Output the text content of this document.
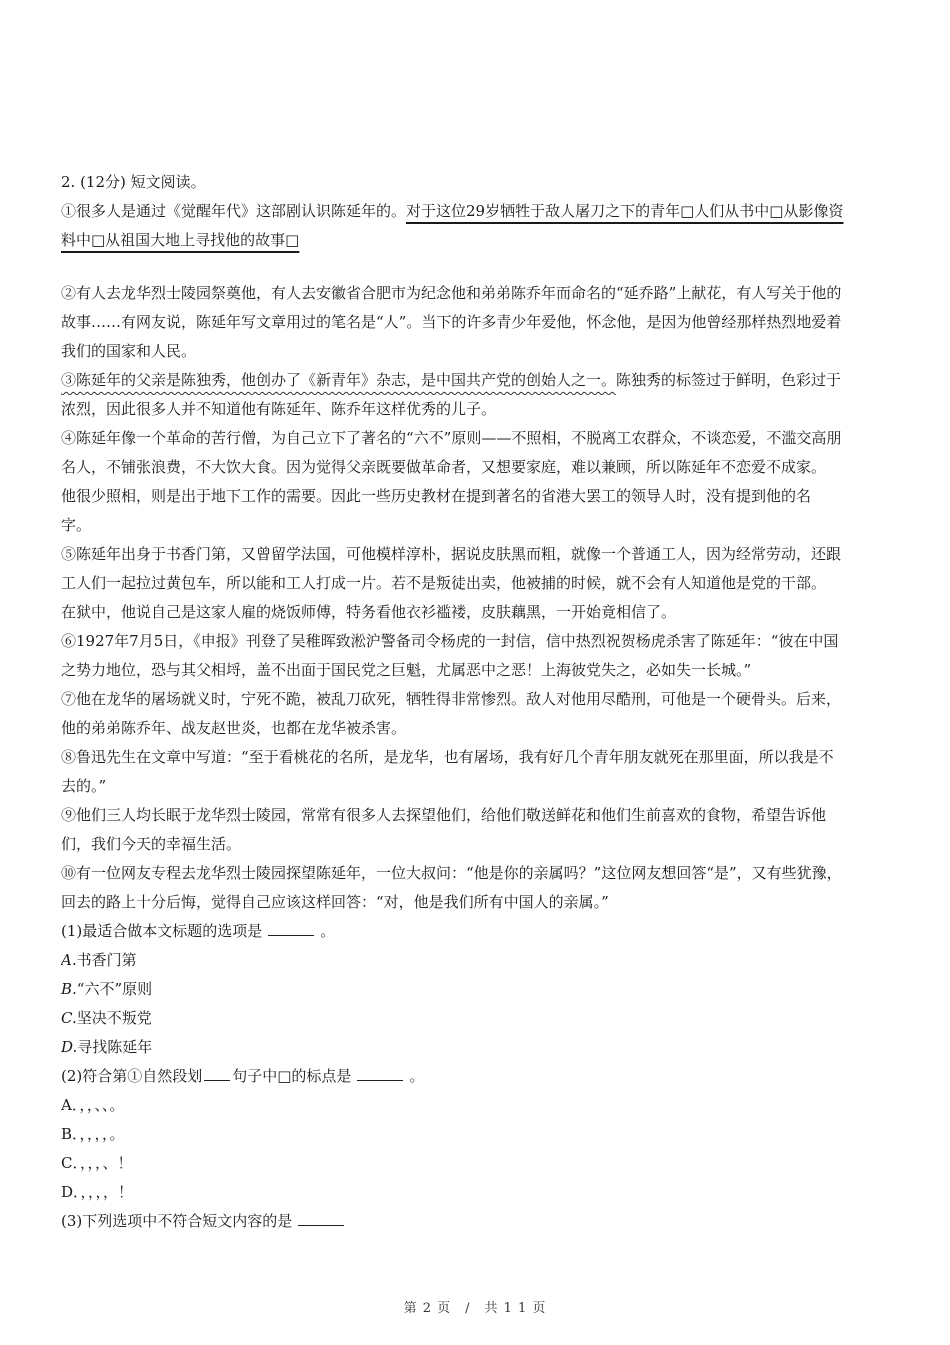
2. (12分) 短文阅读。
①很多人是通过《觉醒年代》这部剧认识陈延年的。对于这位29岁牺牲于敌人屠刀之下的青年□人们从书中□从影像资
料中□从祖国大地上寻找他的故事□
②有人去龙华烈士陵园祭奠他，有人去安徽省合肥市为纪念他和弟弟陈乔年而命名的“延乔路”上献花，有人写关于他的
故事……有网友说，陈延年写文章用过的笔名是“人”。当下的许多青少年爱他，怀念他，是因为他曾经那样热烈地爱着
我们的国家和人民。
③陈延年的父亲是陈独秀，他创办了《新青年》杂志，是中国共产党的创始人之一。陈独秀的标签过于鲜明，色彩过于
浓烈，因此很多人并不知道他有陈延年、陈乔年这样优秀的儿子。
④陈延年像一个革命的苦行僧，为自己立下了著名的“六不”原则——不照相，不脱离工农群众，不谈恋爱，不滥交高朋
名人，不铺张浪费，不大饮大食。因为觉得父亲既要做革命者，又想要家庭，难以兼顾，所以陈延年不恋爱不成家。
他很少照相，则是出于地下工作的需要。因此一些历史教材在提到著名的省港大罢工的领导人时，没有提到他的名
字。
⑤陈延年出身于书香门第，又曾留学法国，可他模样淳朴，据说皮肤黑而粗，就像一个普通工人，因为经常劳动，还跟
工人们一起拉过黄包车，所以能和工人打成一片。若不是叛徒出卖，他被捕的时候，就不会有人知道他是党的干部。
在狱中，他说自己是这家人雇的烧饭师傅，特务看他衣衫褴褛，皮肤藕黑，一开始竟相信了。
⑥1927年7月5日，《申报》刊登了吴稚晖致淞沪警备司令杨虎的一封信，信中热烈祝贺杨虎杀害了陈延年：“彼在中国
之势力地位，恐与其父相埒，盖不出面于国民党之巨魁，尤属恶中之恶！上海彼党失之，必如失一长城。”
⑦他在龙华的屠场就义时，宁死不跪，被乱刀砍死，牺牲得非常惨烈。敌人对他用尽酷刑，可他是一个硬骨头。后来，
他的弟弟陈乔年、战友赵世炎，也都在龙华被杀害。
⑧鲁迅先生在文章中写道：“至于看桃花的名所，是龙华，也有屠场，我有好几个青年朋友就死在那里面，所以我是不
去的。”
⑨他们三人均长眠于龙华烈士陵园，常常有很多人去探望他们，给他们敬送鲜花和他们生前喜欢的食物，希望告诉他
们，我们今天的幸福生活。
⑩有一位网友专程去龙华烈士陵园探望陈延年，一位大叔问：“他是你的亲属吗？”这位网友想回答“是”，又有些犹豫，
回去的路上十分后悔，觉得自己应该这样回答：“对，他是我们所有中国人的亲属。”
(1)最适合做本文标题的选项是	。
A.书香门第
B.“六不”原则
C.坚决不叛党
D.寻找陈延年
(2)符合第①自然段划 句子中□的标点是	。
A．，，、、。
B．，，，，。
C．，，，、！
D．，，，，！
(3)下列选项中不符合短文内容的是
第 2 页　/　共 1 1 页
